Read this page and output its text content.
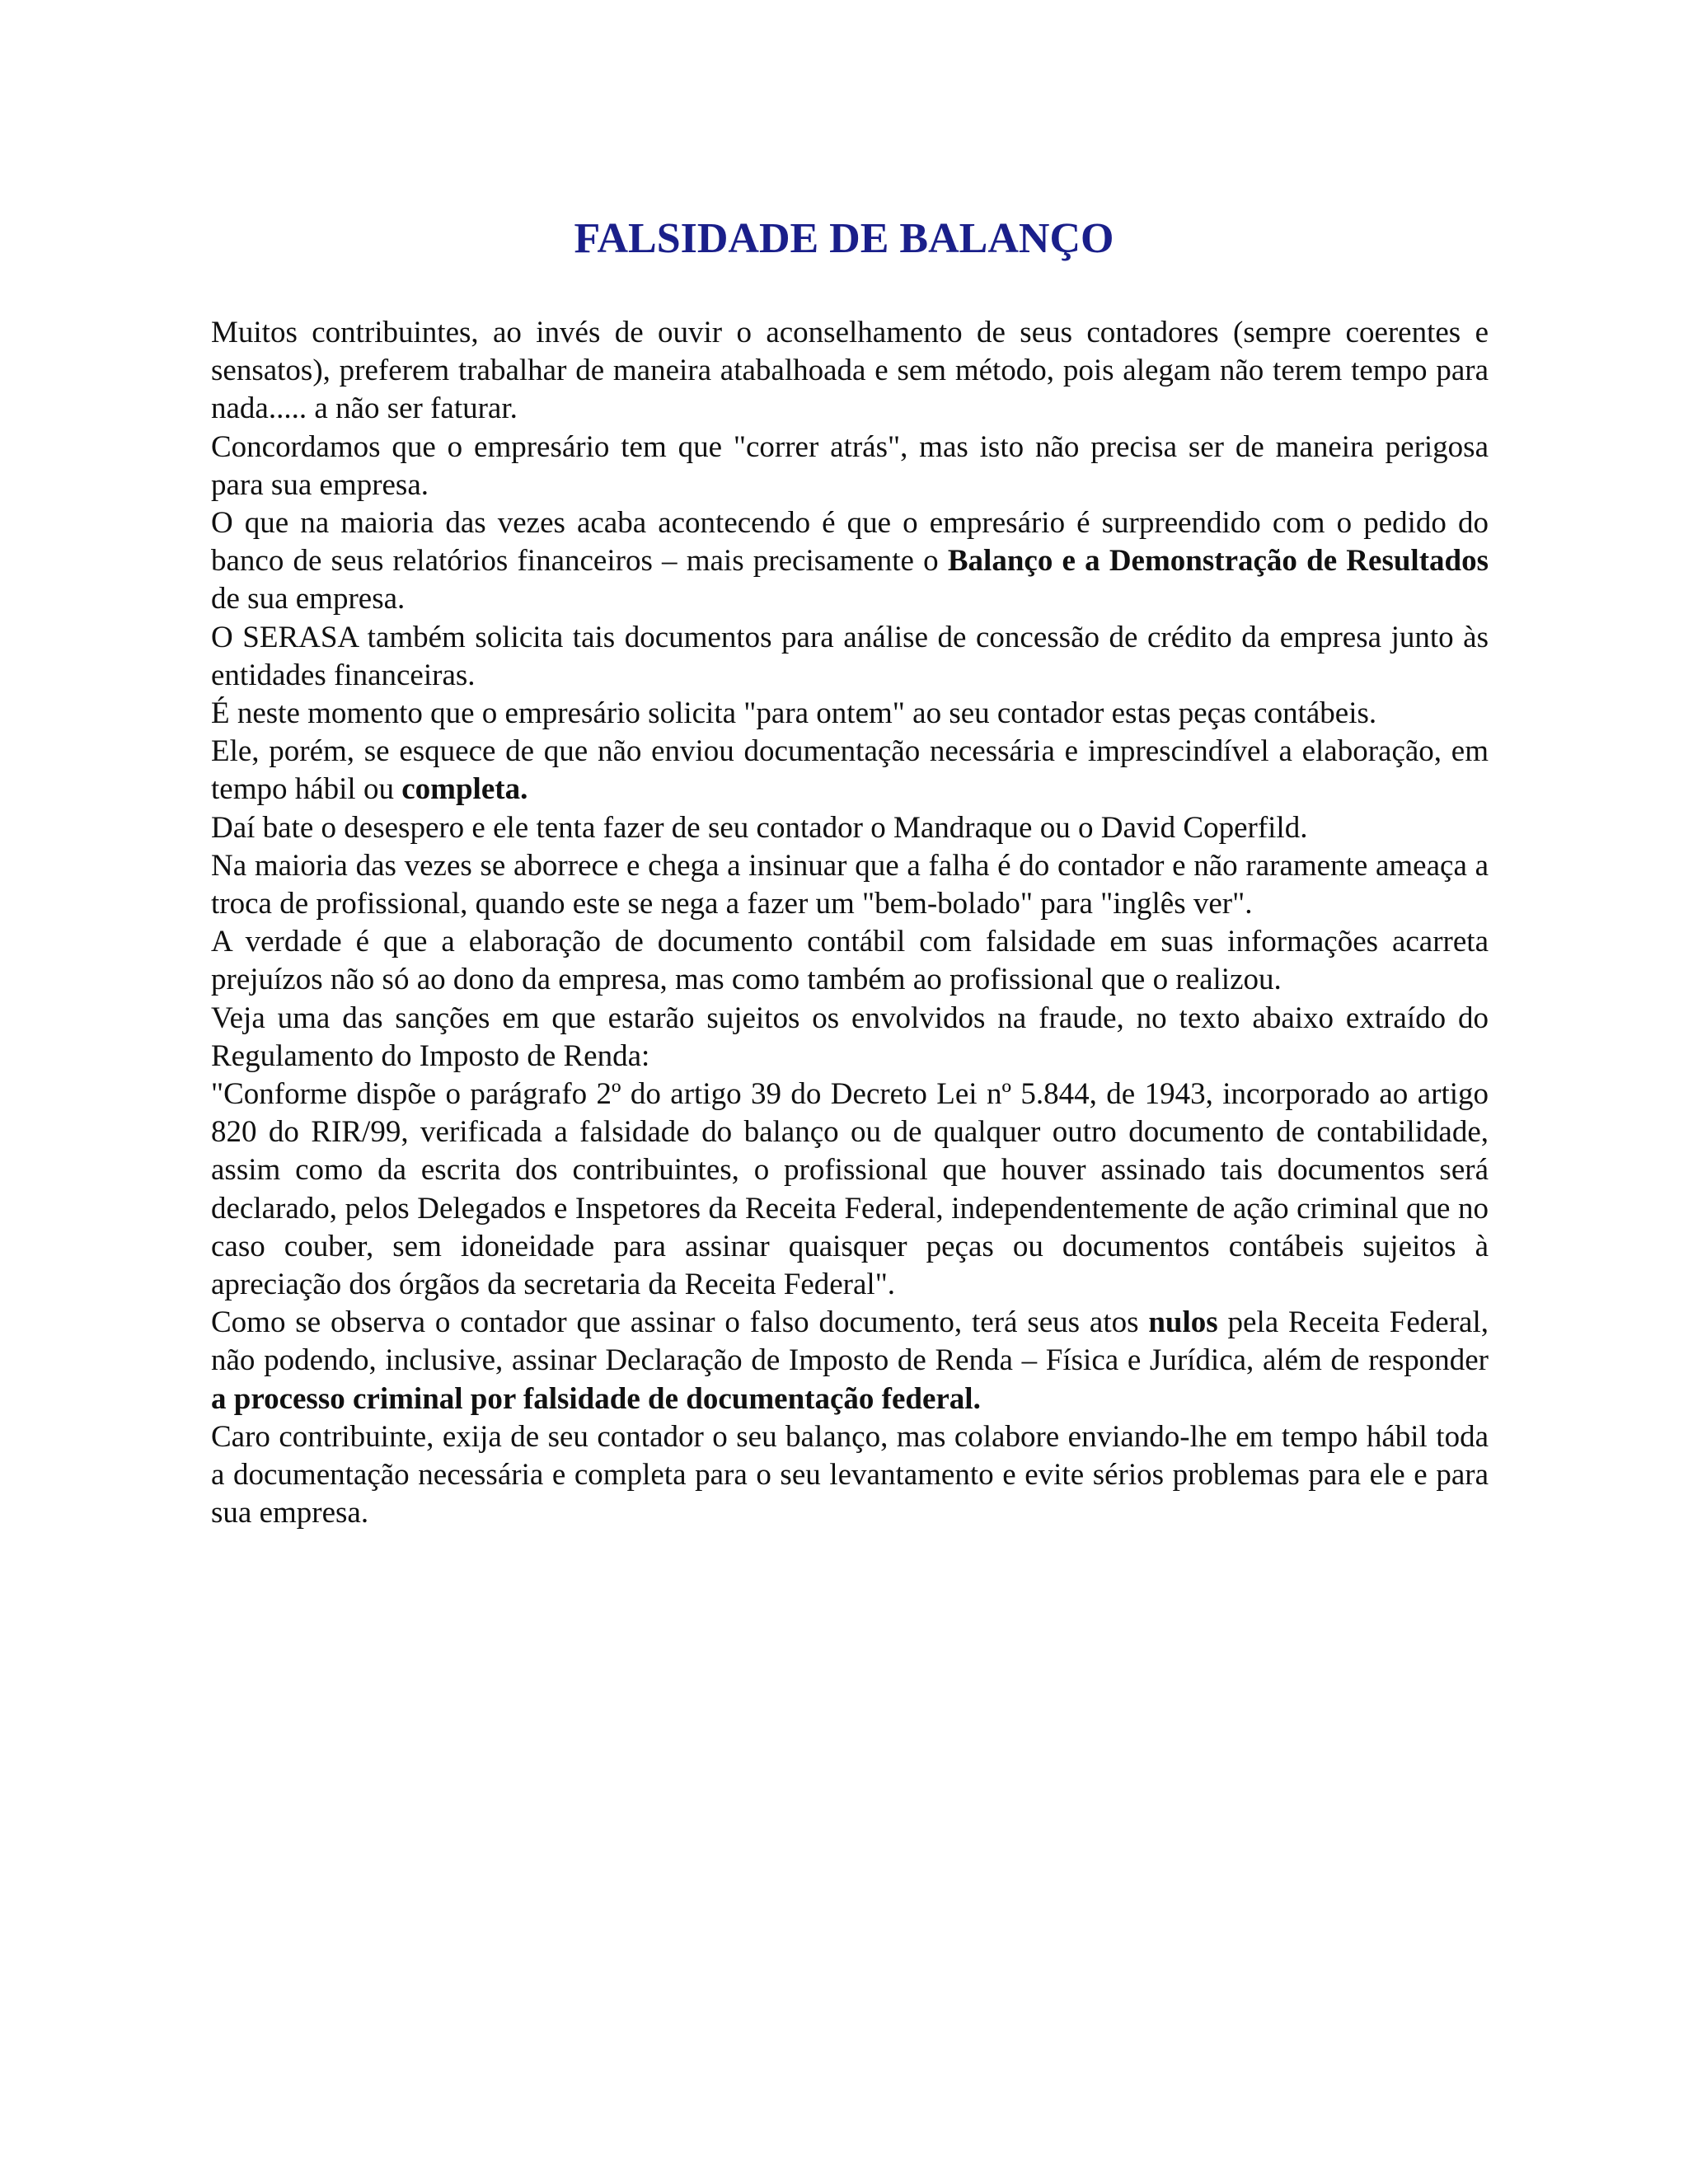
FALSIDADE DE BALANÇO

Muitos contribuintes, ao invés de ouvir o aconselhamento de seus contadores (sempre coerentes e sensatos), preferem trabalhar de maneira atabalhoada e sem método, pois alegam não terem tempo para nada..... a não ser faturar.

Concordamos que o empresário tem que "correr atrás", mas isto não precisa ser de maneira perigosa para sua empresa.

O que na maioria das vezes acaba acontecendo é que o empresário é surpreendido com o pedido do banco de seus relatórios financeiros – mais precisamente o Balanço e a Demonstração de Resultados de sua empresa.

O SERASA também solicita tais documentos para análise de concessão de crédito da empresa junto às entidades financeiras.

É neste momento que o empresário solicita "para ontem" ao seu contador estas peças contábeis.

Ele, porém, se esquece de que não enviou documentação necessária e imprescindível a elaboração, em tempo hábil ou completa.

Daí bate o desespero e ele tenta fazer de seu contador o Mandraque ou o David Coperfild.

Na maioria das vezes se aborrece e chega a insinuar que a falha é do contador e não raramente ameaça a troca de profissional, quando este se nega a fazer um "bem-bolado" para "inglês ver".

A verdade é que a elaboração de documento contábil com falsidade em suas informações acarreta prejuízos não só ao dono da empresa, mas como também ao profissional que o realizou.

Veja uma das sanções em que estarão sujeitos os envolvidos na fraude, no texto abaixo extraído do Regulamento do Imposto de Renda:

"Conforme dispõe o parágrafo 2º do artigo 39 do Decreto Lei nº 5.844, de 1943, incorporado ao artigo 820 do RIR/99, verificada a falsidade do balanço ou de qualquer outro documento de contabilidade, assim como da escrita dos contribuintes, o profissional que houver assinado tais documentos será declarado, pelos Delegados e Inspetores da Receita Federal, independentemente de ação criminal que no caso couber, sem idoneidade para assinar quaisquer peças ou documentos contábeis sujeitos à apreciação dos órgãos da secretaria da Receita Federal".

Como se observa o contador que assinar o falso documento, terá seus atos nulos pela Receita Federal, não podendo, inclusive, assinar Declaração de Imposto de Renda – Física e Jurídica, além de responder a processo criminal por falsidade de documentação federal.

Caro contribuinte, exija de seu contador o seu balanço, mas colabore enviando-lhe em tempo hábil toda a documentação necessária e completa para o seu levantamento e evite sérios problemas para ele e para sua empresa.
